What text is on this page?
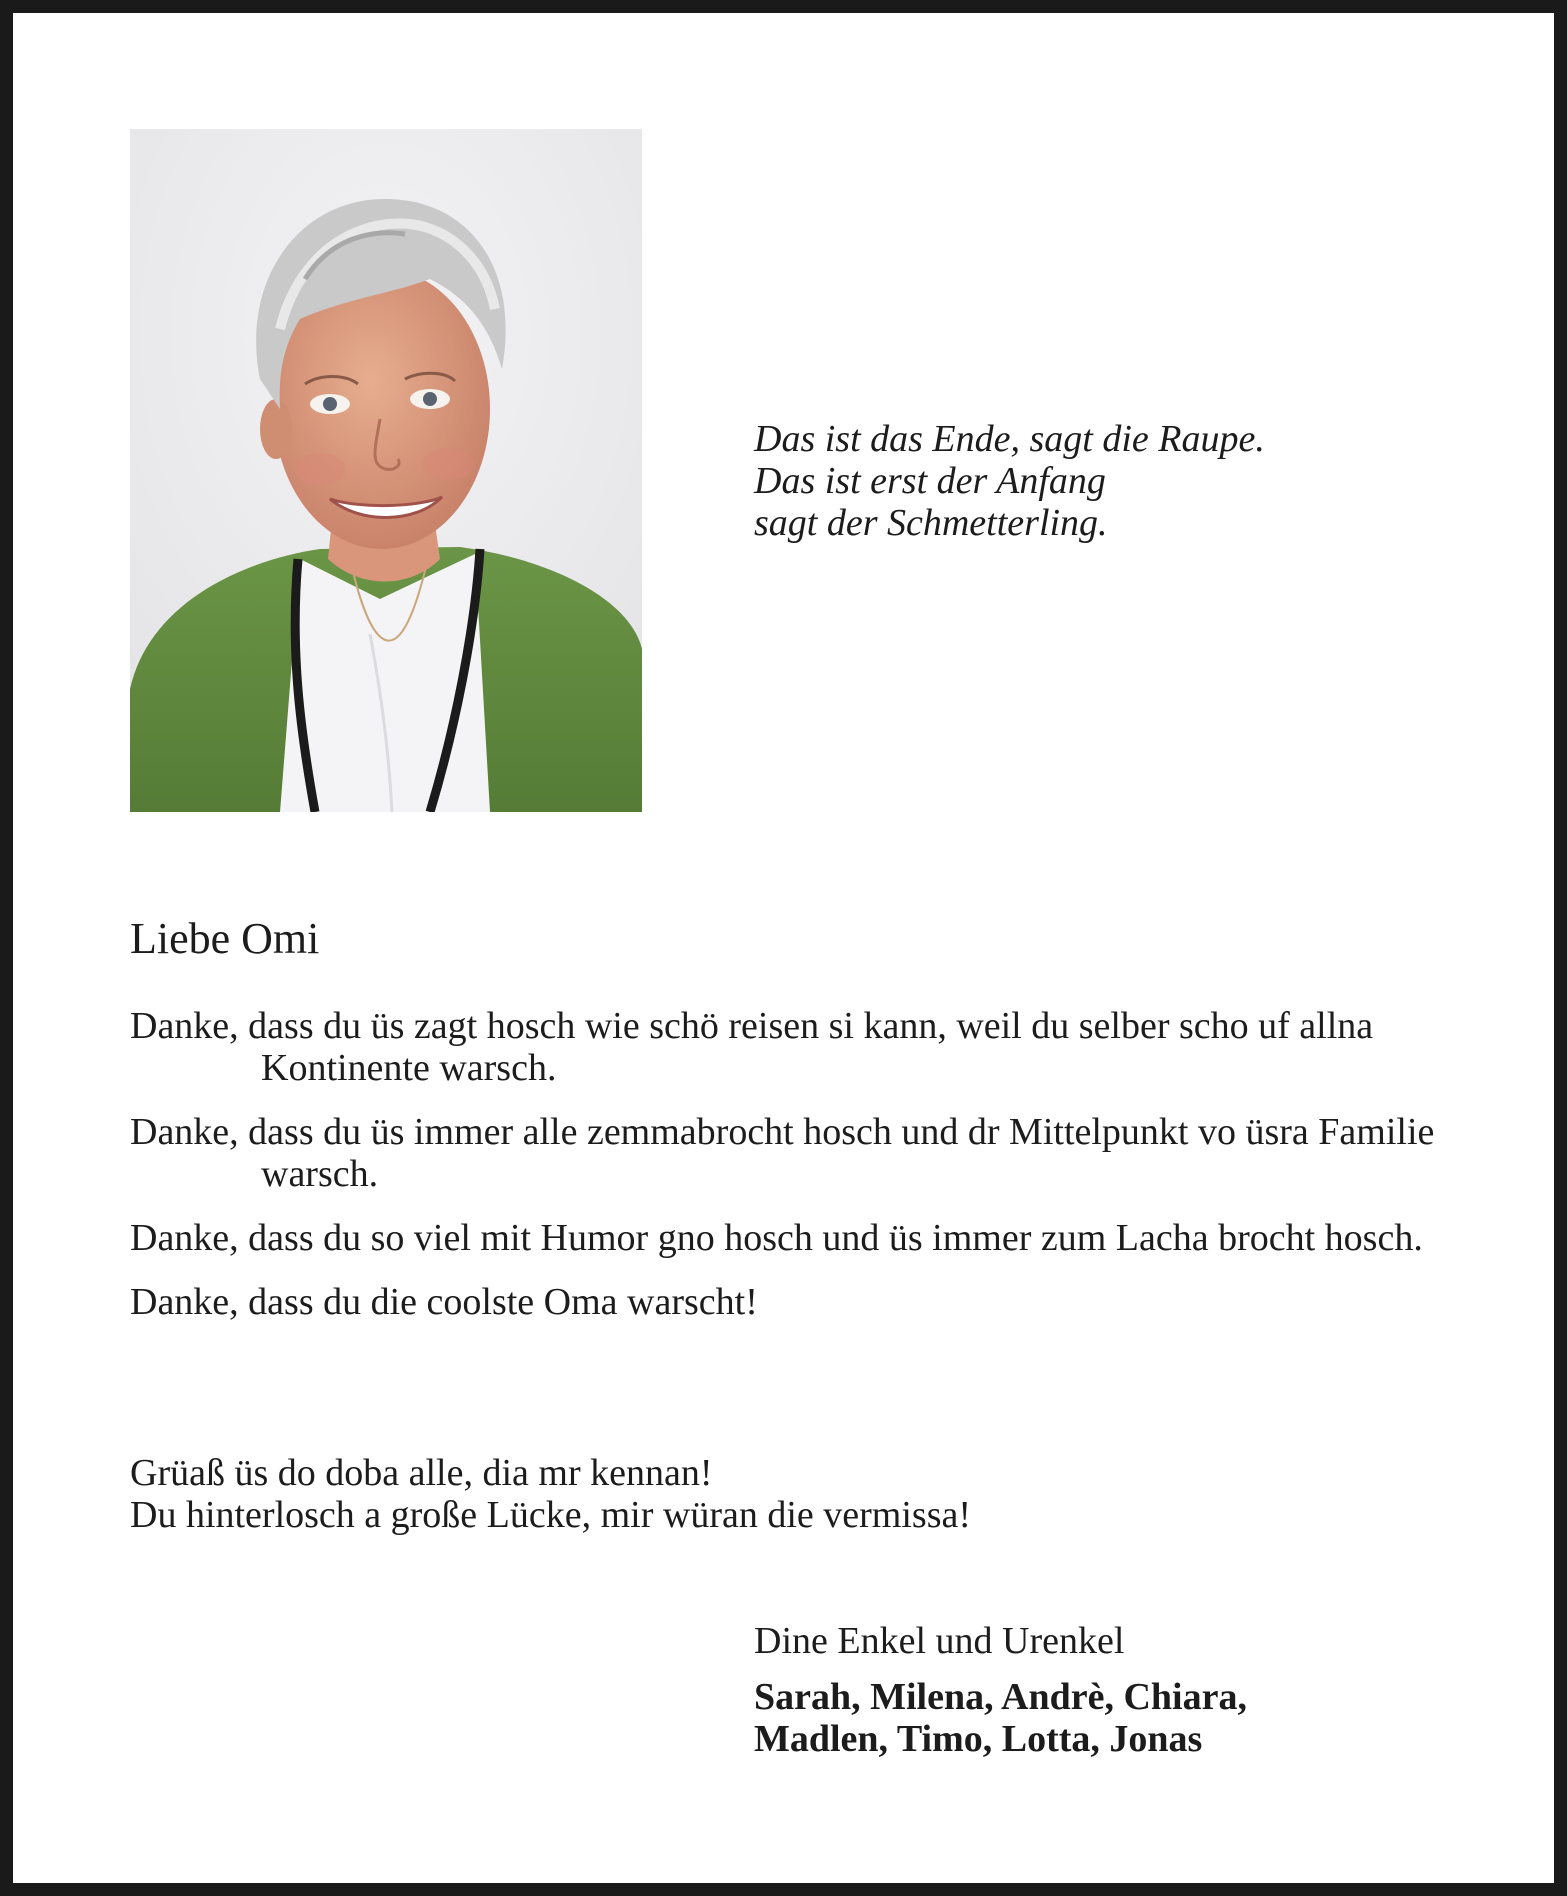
Das ist das Ende, sagt die Raupe.
Das ist erst der Anfang
sagt der Schmetterling.
Liebe Omi
Danke, dass du üs zagt hosch wie schö reisen si kann, weil du selber scho uf allna Kontinente warsch.
Danke, dass du üs immer alle zemmabrocht hosch und dr Mittelpunkt vo üsra Familie warsch.
Danke, dass du so viel mit Humor gno hosch und üs immer zum Lacha brocht hosch.
Danke, dass du die coolste Oma warscht!
Grüaß üs do doba alle, dia mr kennan!
Du hinterlosch a große Lücke, mir würan die vermissa!
Dine Enkel und Urenkel
Sarah, Milena, Andrè, Chiara,
Madlen, Timo, Lotta, Jonas
